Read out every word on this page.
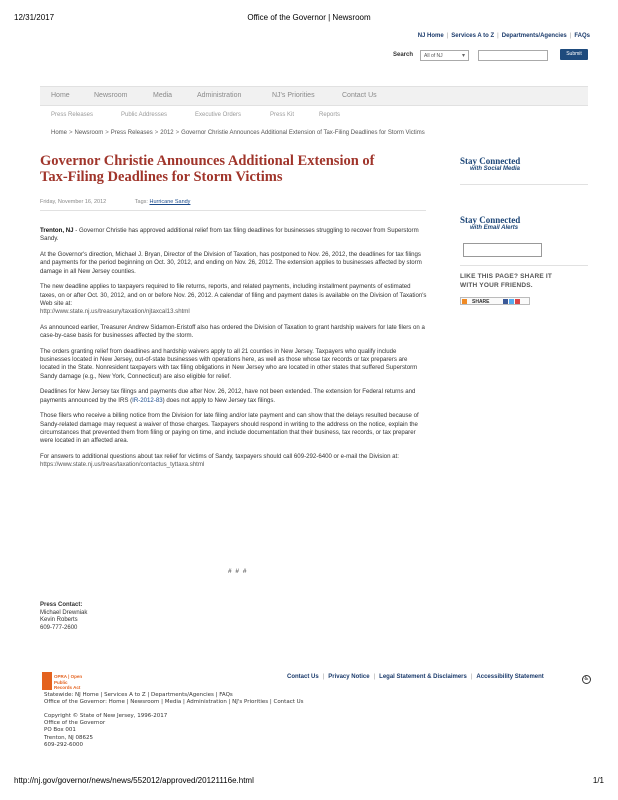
12/31/2017	Office of the Governor | Newsroom
NJ Home | Services A to Z | Departments/Agencies | FAQs
Search	All of NJ	▾	Submit
Home	Newsroom	Media	Administration	NJ's Priorities	Contact Us
Press Releases	Public Addresses	Executive Orders	Press Kit	Reports
Home > Newsroom > Press Releases > 2012 > Governor Christie Announces Additional Extension of Tax-Filing Deadlines for Storm Victims
Governor Christie Announces Additional Extension of Tax-Filing Deadlines for Storm Victims
Friday, November 16, 2012	Tags: Hurricane Sandy

Trenton, NJ - Governor Christie has approved additional relief from tax filing deadlines for businesses struggling to recover from Superstorm Sandy.

At the Governor's direction, Michael J. Bryan, Director of the Division of Taxation, has postponed to Nov. 26, 2012, the deadlines for tax filings and payments for the period beginning on Oct. 30, 2012, and ending on Nov. 26, 2012. The extension applies to businesses affected by storm damage in all New Jersey counties.

The new deadline applies to taxpayers required to file returns, reports, and related payments, including installment payments of estimated taxes, on or after Oct. 30, 2012, and on or before Nov. 26, 2012. A calendar of filing and payment dates is available on the Division of Taxation's Web site at:
http://www.state.nj.us/treasury/taxation/njtaxcal13.shtml

As announced earlier, Treasurer Andrew Sidamon-Eristoff also has ordered the Division of Taxation to grant hardship waivers for late filers on a case-by-case basis for businesses affected by the storm.

The orders granting relief from deadlines and hardship waivers apply to all 21 counties in New Jersey. Taxpayers who qualify include businesses located in New Jersey, out-of-state businesses with operations here, as well as those whose tax records or tax preparers are located in the State. Nonresident taxpayers with tax filing obligations in New Jersey who are located in other states that suffered Superstorm Sandy damage (e.g., New York, Connecticut) are also eligible for relief.

Deadlines for New Jersey tax filings and payments due after Nov. 26, 2012, have not been extended. The extension for Federal returns and payments announced by the IRS (IR-2012-83) does not apply to New Jersey tax filings.

Those filers who receive a billing notice from the Division for late filing and/or late payment and can show that the delays resulted because of Sandy-related damage may request a waiver of those charges. Taxpayers should respond in writing to the address on the notice, explain the circumstances that prevented them from filing or paying on time, and include documentation that their business, tax records, or tax preparer were located in an affected area.

For answers to additional questions about tax relief for victims of Sandy, taxpayers should call 609-292-6400 or e-mail the Division at: https://www.state.nj.us/treas/taxation/contactus_tyttaxa.shtml

# # #
Press Contact:
Michael Drewniak
Kevin Roberts
609-777-2600
Stay Connected
with Social Media
Stay Connected
with Email Alerts
LIKE THIS PAGE? SHARE IT
WITH YOUR FRIENDS.
SHARE
OPRA | Open
Public Records Act
Contact Us | Privacy Notice | Legal Statement & Disclaimers | Accessibility Statement	♿
Statewide: NJ Home | Services A to Z | Departments/Agencies | FAQs
Office of the Governor: Home | Newsroom | Media | Administration | NJ's Priorities | Contact Us
Copyright © State of New Jersey, 1996-2017
Office of the Governor
PO Box 001
Trenton, NJ 08625
609-292-6000
http://nj.gov/governor/news/news/552012/approved/20121116e.html	1/1
